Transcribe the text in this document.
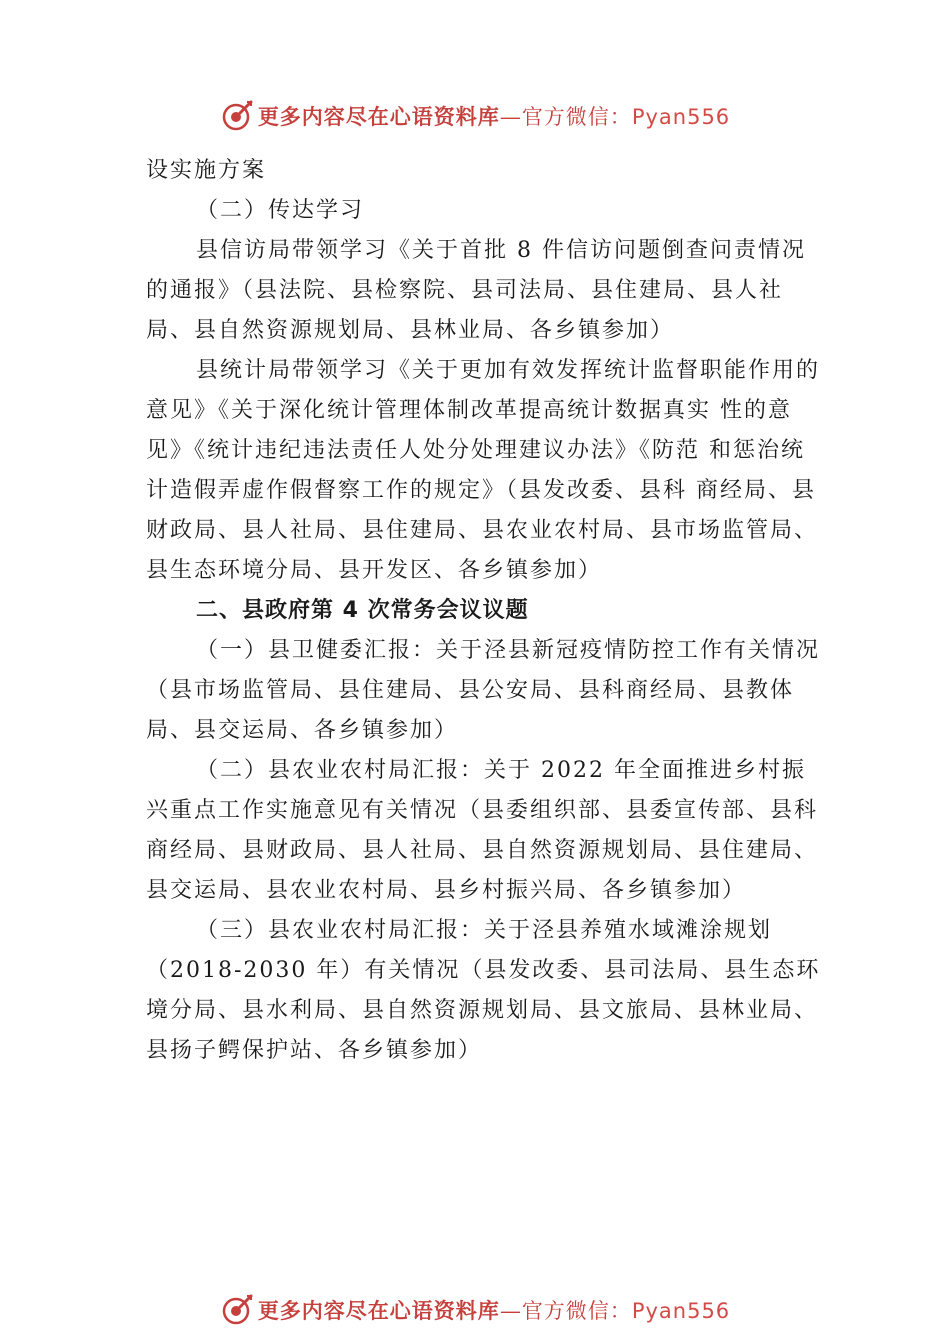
更多内容尽在心语资料库—官方微信：Pyan556

设实施方案

（二）传达学习

县信访局带领学习《关于首批 8 件信访问题倒查问责情况的通报》（县法院、县检察院、县司法局、县住建局、县人社局、县自然资源规划局、县林业局、各乡镇参加）

县统计局带领学习《关于更加有效发挥统计监督职能作用的意见》《关于深化统计管理体制改革提高统计数据真实 性的意见》《统计违纪违法责任人处分处理建议办法》《防范 和惩治统计造假弄虚作假督察工作的规定》（县发改委、县科 商经局、县财政局、县人社局、县住建局、县农业农村局、县市场监管局、县生态环境分局、县开发区、各乡镇参加）

二、县政府第 4 次常务会议议题

（一）县卫健委汇报：关于泾县新冠疫情防控工作有关情况（县市场监管局、县住建局、县公安局、县科商经局、县教体局、县交运局、各乡镇参加）

（二）县农业农村局汇报：关于 2022 年全面推进乡村振兴重点工作实施意见有关情况（县委组织部、县委宣传部、县科商经局、县财政局、县人社局、县自然资源规划局、县住建局、县交运局、县农业农村局、县乡村振兴局、各乡镇参加）

（三）县农业农村局汇报：关于泾县养殖水域滩涂规划（2018-2030 年）有关情况（县发改委、县司法局、县生态环境分局、县水利局、县自然资源规划局、县文旅局、县林业局、县扬子鳄保护站、各乡镇参加）

更多内容尽在心语资料库—官方微信：Pyan556
